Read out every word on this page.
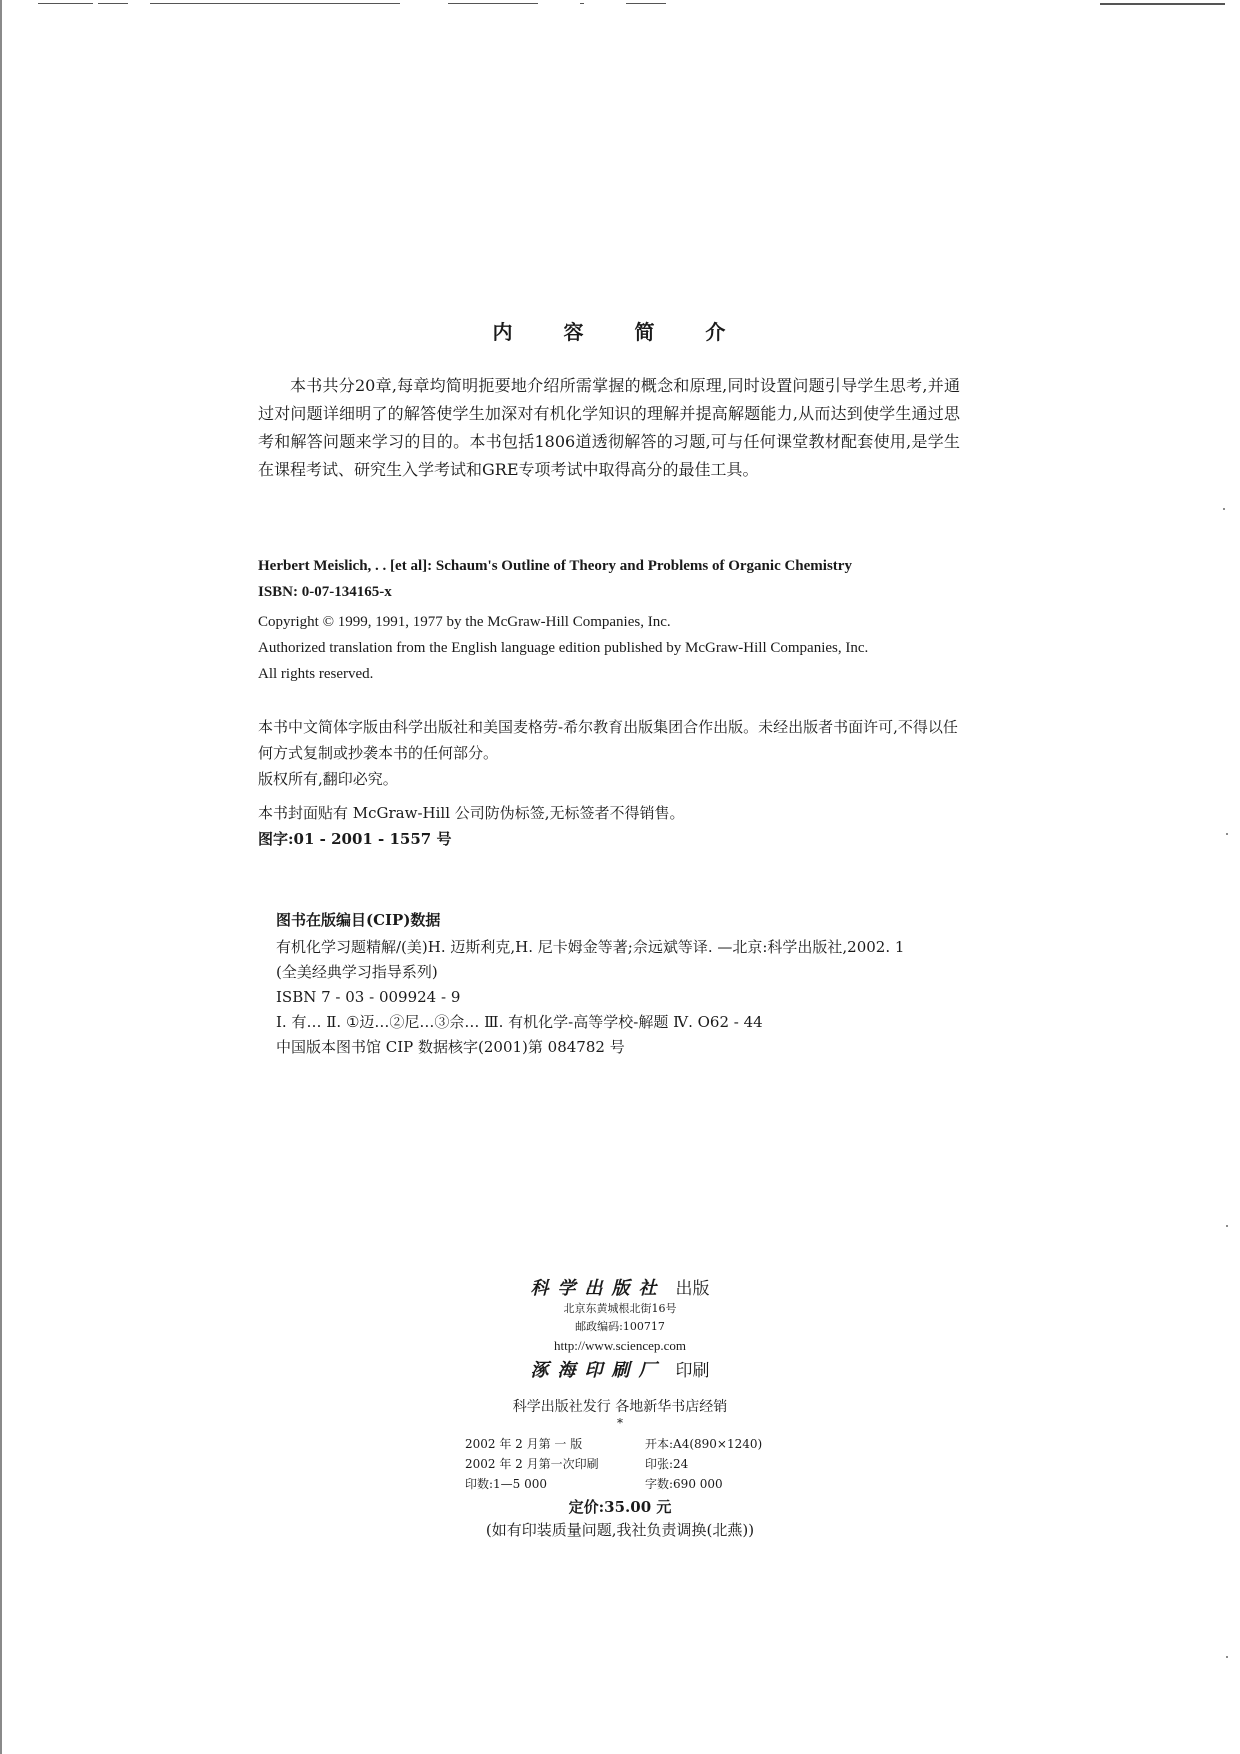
内 容 简 介

本书共分20章,每章均简明扼要地介绍所需掌握的概念和原理,同时设置问题引导学生思考,并通过对问题详细明了的解答使学生加深对有机化学知识的理解并提高解题能力,从而达到使学生通过思考和解答问题来学习的目的。本书包括1806道透彻解答的习题,可与任何课堂教材配套使用,是学生在课程考试、研究生入学考试和GRE专项考试中取得高分的最佳工具。

Herbert Meislich, . . [et al]: Schaum's Outline of Theory and Problems of Organic Chemistry

ISBN: 0-07-134165-x

Copyright © 1999, 1991, 1977 by the McGraw-Hill Companies, Inc.

Authorized translation from the English language edition published by McGraw-Hill Companies, Inc.

All rights reserved.

本书中文简体字版由科学出版社和美国麦格劳-希尔教育出版集团合作出版。未经出版者书面许可,不得以任何方式复制或抄袭本书的任何部分。

版权所有,翻印必究。

本书封面贴有 McGraw-Hill 公司防伪标签,无标签者不得销售。

图字:01 - 2001 - 1557 号

图书在版编目(CIP)数据

有机化学习题精解/(美)H. 迈斯利克,H. 尼卡姆金等著;佘远斌等译. —北京:科学出版社,2002. 1

(全美经典学习指导系列)

ISBN 7 - 03 - 009924 - 9

Ⅰ. 有… Ⅱ. ①迈…②尼…③佘… Ⅲ. 有机化学-高等学校-解题 Ⅳ. O62 - 44

中国版本图书馆 CIP 数据核字(2001)第 084782 号

科学出版社 出版
北京东黄城根北街16号
邮政编码:100717
http://www.sciencep.com
涿海印刷厂 印刷
科学出版社发行 各地新华书店经销
*
2002 年 2 月第 一 版	开本:A4(890×1240)
2002 年 2 月第一次印刷	印张:24
印数:1—5 000	字数:690 000
定价:35.00 元
(如有印装质量问题,我社负责调换(北燕))
